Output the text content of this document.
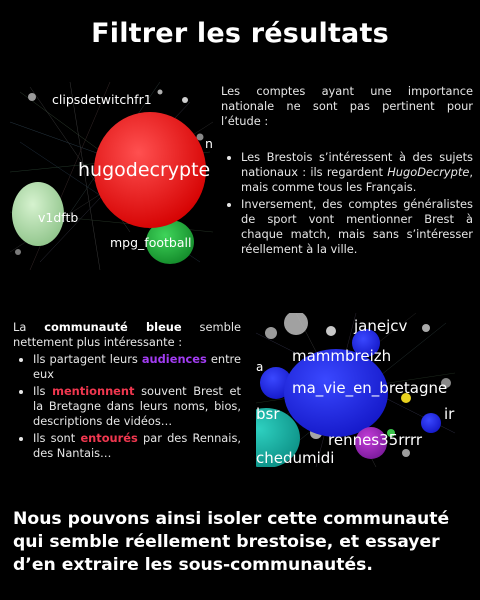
Filtrer les résultats
clipsdetwitchfr1
hugodecrypte
v1dftb
mpg_football
n
Les comptes ayant une importance nationale ne sont pas pertinent pour l’étude :
• Les Brestois s’intéressent à des sujets nationaux : ils regardent HugoDecrypte, mais comme tous les Français.
• Inversement, des comptes généralistes de sport vont mentionner Brest à chaque match, mais sans s’intéresser réellement à la ville.
La communauté bleue semble nettement plus intéressante :
• Ils partagent leurs audiences entre eux
• Ils mentionnent souvent Brest et la Bretagne dans leurs noms, bios, descriptions de vidéos…
• Ils sont entourés par des Rennais, des Nantais…
janejcv
mammbreizh
ma_vie_en_bretagne
bsr	ir
rennes35rrrr
chedumidi
a
Nous pouvons ainsi isoler cette communauté qui semble réellement brestoise, et essayer d’en extraire les sous-communautés.
